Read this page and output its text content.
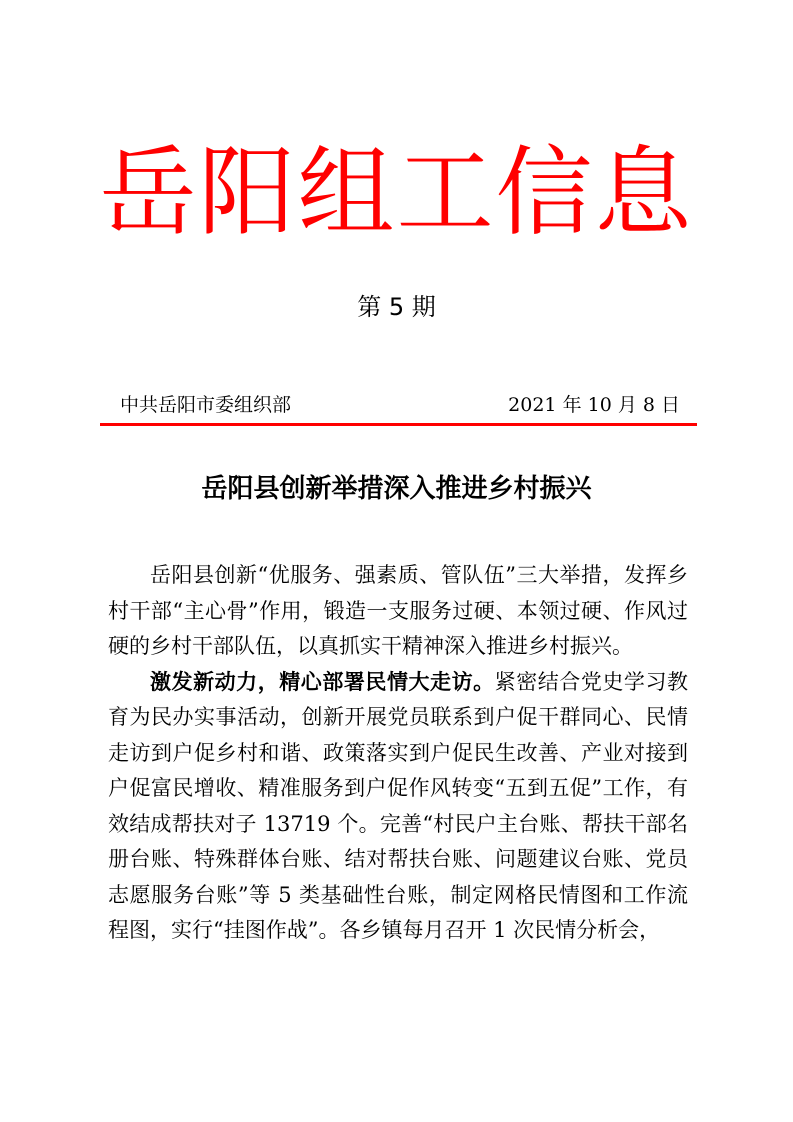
岳阳组工信息
第 5 期
中共岳阳市委组织部	2021 年 10 月 8 日
岳阳县创新举措深入推进乡村振兴

岳阳县创新“优服务、强素质、管队伍”三大举措，发挥乡村干部“主心骨”作用，锻造一支服务过硬、本领过硬、作风过硬的乡村干部队伍，以真抓实干精神深入推进乡村振兴。

激发新动力，精心部署民情大走访。紧密结合党史学习教育为民办实事活动，创新开展党员联系到户促干群同心、民情走访到户促乡村和谐、政策落实到户促民生改善、产业对接到户促富民增收、精准服务到户促作风转变“五到五促”工作，有效结成帮扶对子 13719 个。完善“村民户主台账、帮扶干部名册台账、特殊群体台账、结对帮扶台账、问题建议台账、党员志愿服务台账”等 5 类基础性台账，制定网格民情图和工作流程图，实行“挂图作战”。各乡镇每月召开 1 次民情分析会，
